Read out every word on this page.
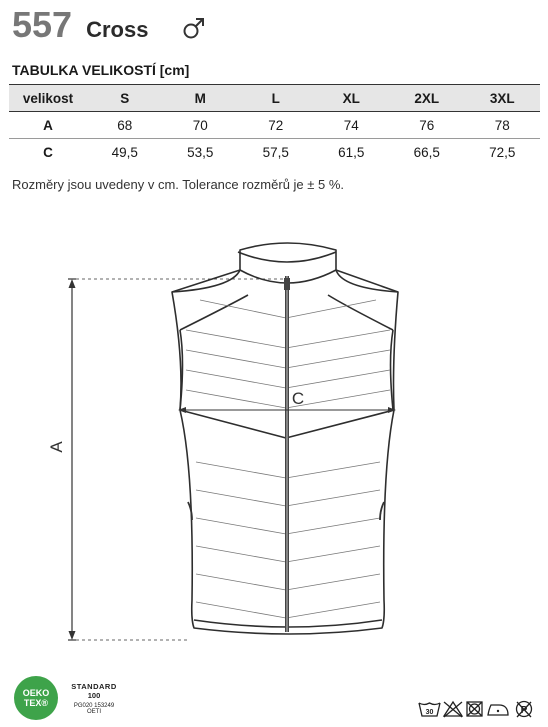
557 Cross
TABULKA VELIKOSTÍ [cm]
velikost	S	M	L	XL	2XL	3XL
A	68	70	72	74	76	78
C	49,5	53,5	57,5	61,5	66,5	72,5
Rozměry jsou uvedeny v cm. Tolerance rozměrů je ± 5 %.
A
C
OEKO
TEX®
STANDARD
100
PG020 153249
OETI	30	P
